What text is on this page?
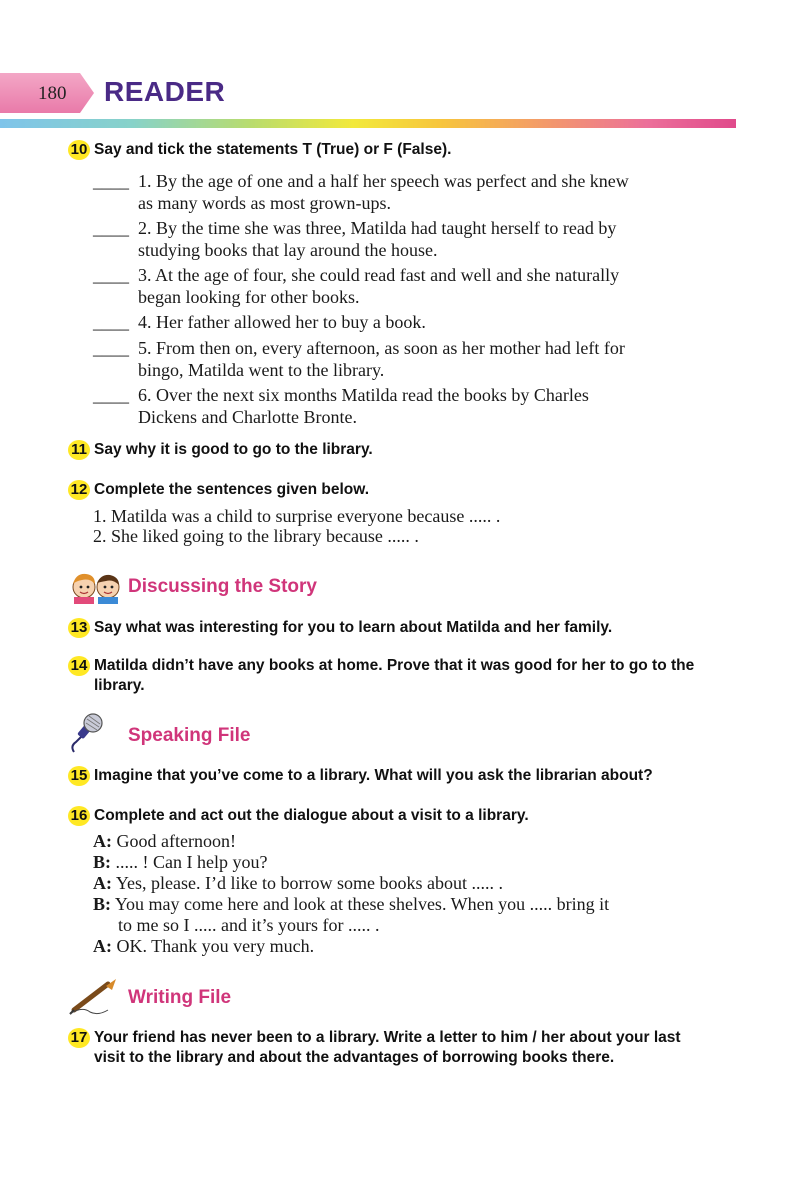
180 READER
10 Say and tick the statements T (True) or F (False).
____ 1. By the age of one and a half her speech was perfect and she knew
as many words as most grown-ups.
____ 2. By the time she was three, Matilda had taught herself to read by
studying books that lay around the house.
____ 3. At the age of four, she could read fast and well and she naturally
began looking for other books.
____ 4. Her father allowed her to buy a book.
____ 5. From then on, every afternoon, as soon as her mother had left for
bingo, Matilda went to the library.
____ 6. Over the next six months Matilda read the books by Charles
Dickens and Charlotte Bronte.
11 Say why it is good to go to the library.
12 Complete the sentences given below.
1. Matilda was a child to surprise everyone because ..... .
2. She liked going to the library because ..... .
Discussing the Story
13 Say what was interesting for you to learn about Matilda and her family.
14 Matilda didn’t have any books at home. Prove that it was good for her to go to the
library.
Speaking File
15 Imagine that you’ve come to a library. What will you ask the librarian about?
16 Complete and act out the dialogue about a visit to a library.
A: Good afternoon!
B: ..... ! Can I help you?
A: Yes, please. I’d like to borrow some books about ..... .
B: You may come here and look at these shelves. When you ..... bring it
to me so I ..... and it’s yours for ..... .
A: OK. Thank you very much.
Writing File
17 Your friend has never been to a library. Write a letter to him / her about your last
visit to the library and about the advantages of borrowing books there.
